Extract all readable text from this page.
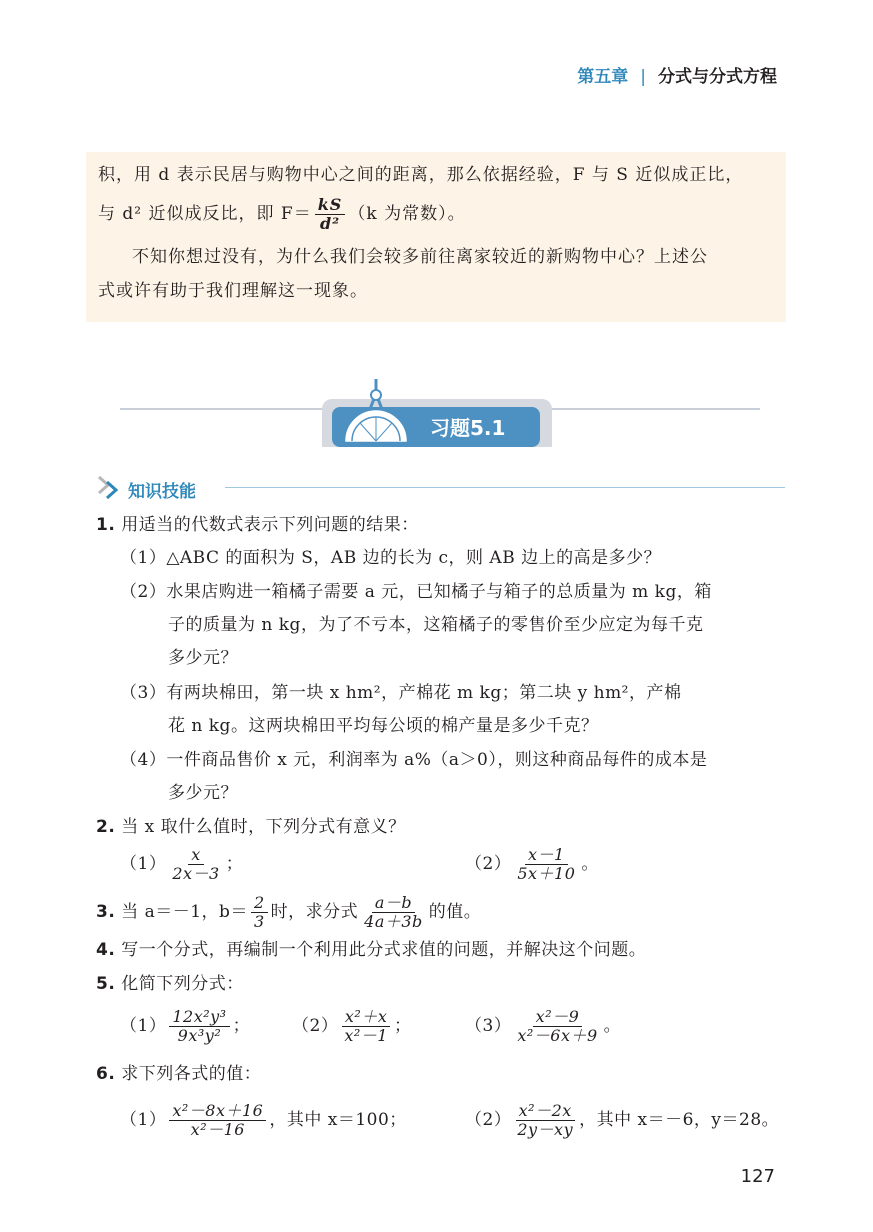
第五章 | 分式与分式方程

积，用 d 表示民居与购物中心之间的距离，那么依据经验，F 与 S 近似成正比，

与 d² 近似成反比，即 $F= \frac{kS}{\text{d²}} (k$ 为常数）。

不知你想过没有，为什么我们会较多前往离家较近的新购物中心？上述公

式或许有助于我们理解这一现象。

习题5.1
知识技能
1. 用适当的代数式表示下列问题的结果：
（1）△ABC 的面积为 S，AB 边的长为 c，则 AB 边上的高是多少？
（2）水果店购进一箱橘子需要 a 元，已知橘子与箱子的总质量为 m kg，箱
子的质量为 n kg，为了不亏本，这箱橘子的零售价至少应定为每千克
多少元？
（3）有两块棉田，第一块 x hm²，产棉花 m kg；第二块 y hm²，产棉
花 n kg。这两块棉田平均每公顷的棉产量是多少千克？
（4）一件商品售价 x 元，利润率为 a%（a＞0），则这种商品每件的成本是
多少元？
2. 当 x 取什么值时，下列分式有意义？
$(1) \frac{x}{2x-3}$ ；	$(2) \frac{x-1}{5x+10}$ 。
3. 当 a＝－1，$b= \frac{2}{3}$ 时，求分式 $\frac{a-b}{4a+3b}$ 的值。
4. 写一个分式，再编制一个利用此分式求值的问题，并解决这个问题。
5. 化简下列分式：
$(1) \frac{\text{12x²y³}}{\text{9x³y²}}$ ； $(2) \frac{\text{x²＋x}}{\text{x²－1}}$ ；	$(3) \frac{\text{x²－9}}{\text{x²－6x＋9}}$ 。
6. 求下列各式的值：
$(1) \frac{\text{x²－8x＋16}}{\text{x²－16}}$ ，其中 x＝100；	$(2) \frac{\text{x²－2x}}{2y-xy}$ ，其中 x＝－6，y＝28。
127
